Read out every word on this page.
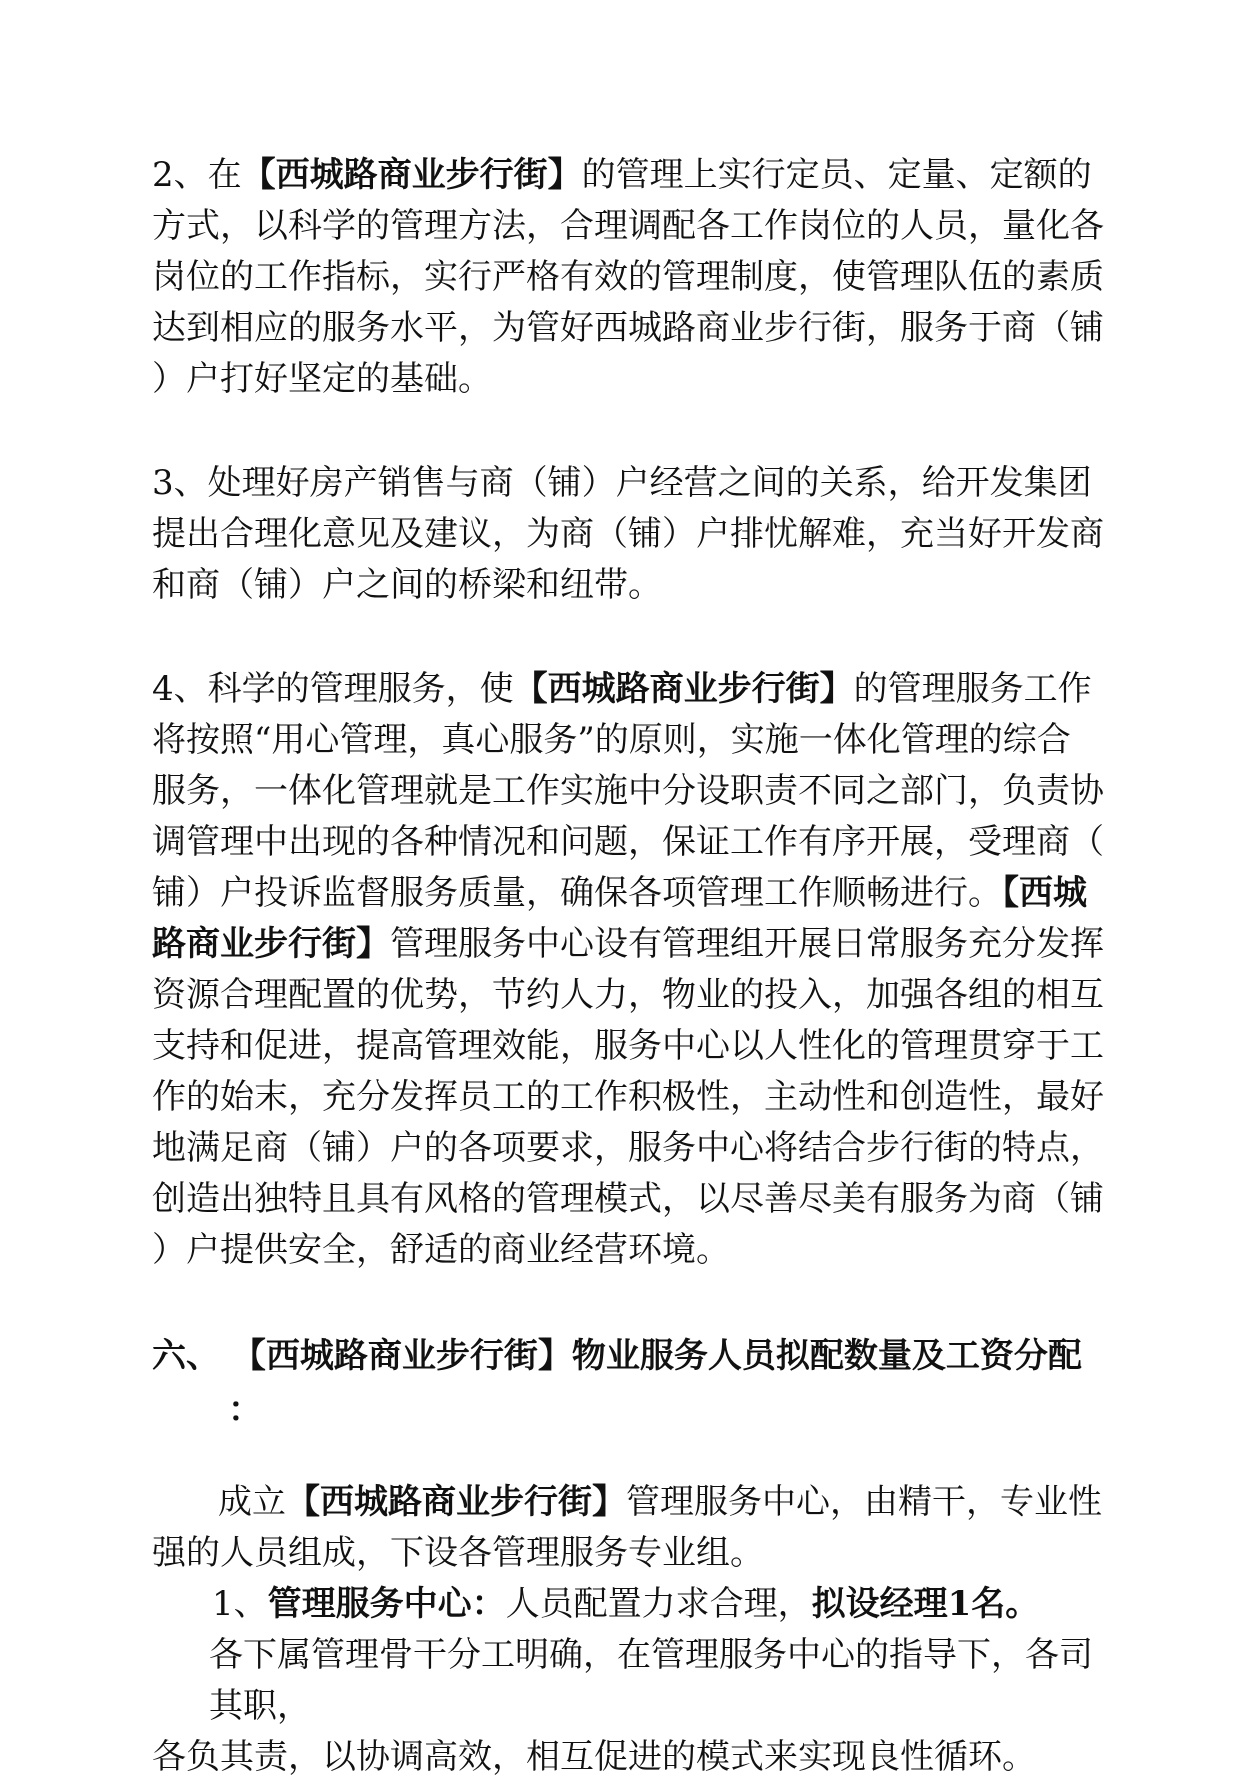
2、在【西城路商业步行街】的管理上实行定员、定量、定额的
方式，以科学的管理方法，合理调配各工作岗位的人员，量化各
岗位的工作指标，实行严格有效的管理制度，使管理队伍的素质
达到相应的服务水平，为管好西城路商业步行街，服务于商（铺
）户打好坚定的基础。
3、处理好房产销售与商（铺）户经营之间的关系，给开发集团
提出合理化意见及建议，为商（铺）户排忧解难，充当好开发商
和商（铺）户之间的桥梁和纽带。
4、科学的管理服务，使【西城路商业步行街】的管理服务工作
将按照“用心管理，真心服务”的原则，实施一体化管理的综合
服务，一体化管理就是工作实施中分设职责不同之部门，负责协
调管理中出现的各种情况和问题，保证工作有序开展，受理商（
铺）户投诉监督服务质量，确保各项管理工作顺畅进行。【西城
路商业步行街】管理服务中心设有管理组开展日常服务充分发挥
资源合理配置的优势，节约人力，物业的投入，加强各组的相互
支持和促进，提高管理效能，服务中心以人性化的管理贯穿于工
作的始末，充分发挥员工的工作积极性，主动性和创造性，最好
地满足商（铺）户的各项要求，服务中心将结合步行街的特点，
创造出独特且具有风格的管理模式，以尽善尽美有服务为商（铺
）户提供安全，舒适的商业经营环境。
六、 【西城路商业步行街】物业服务人员拟配数量及工资分配
：
成立【西城路商业步行街】管理服务中心，由精干，专业性
强的人员组成，下设各管理服务专业组。
1、管理服务中心：人员配置力求合理，拟设经理1名。
各下属管理骨干分工明确，在管理服务中心的指导下，各司
其职，
各负其责，以协调高效，相互促进的模式来实现良性循环。
